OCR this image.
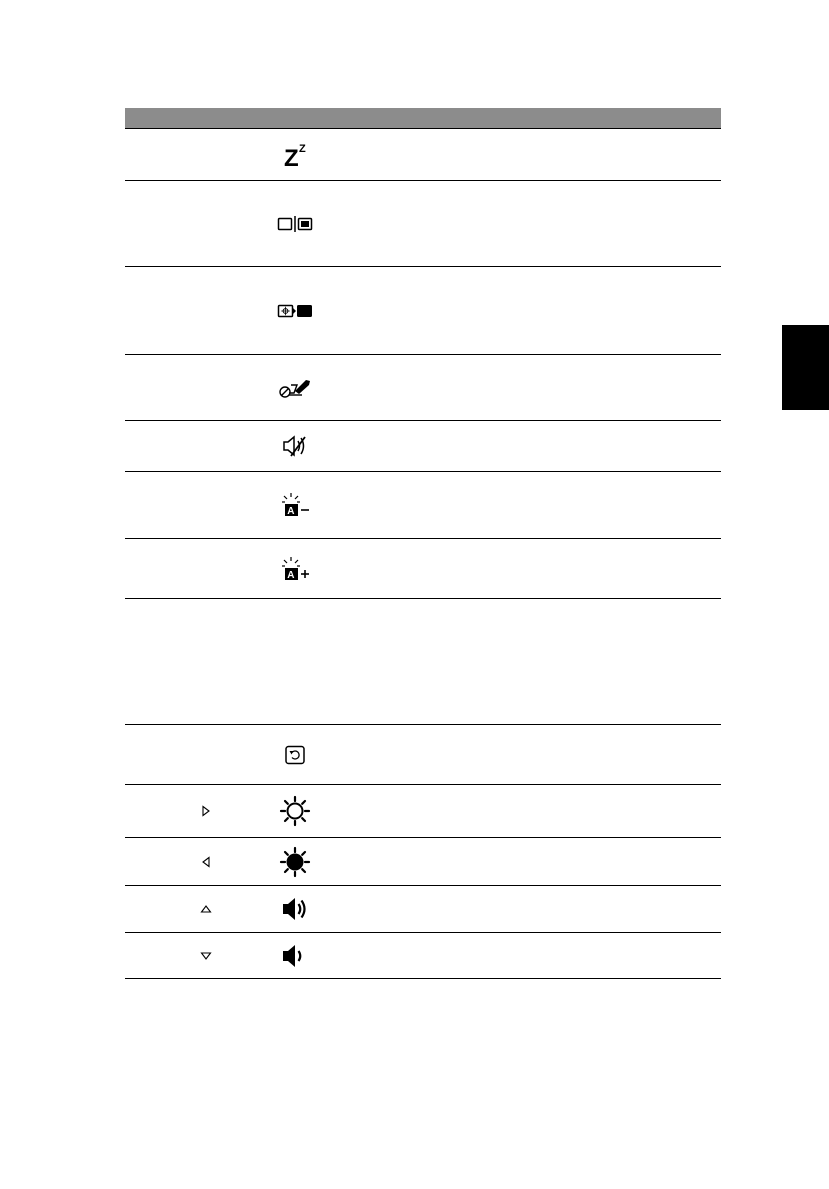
Z Z
A
A
